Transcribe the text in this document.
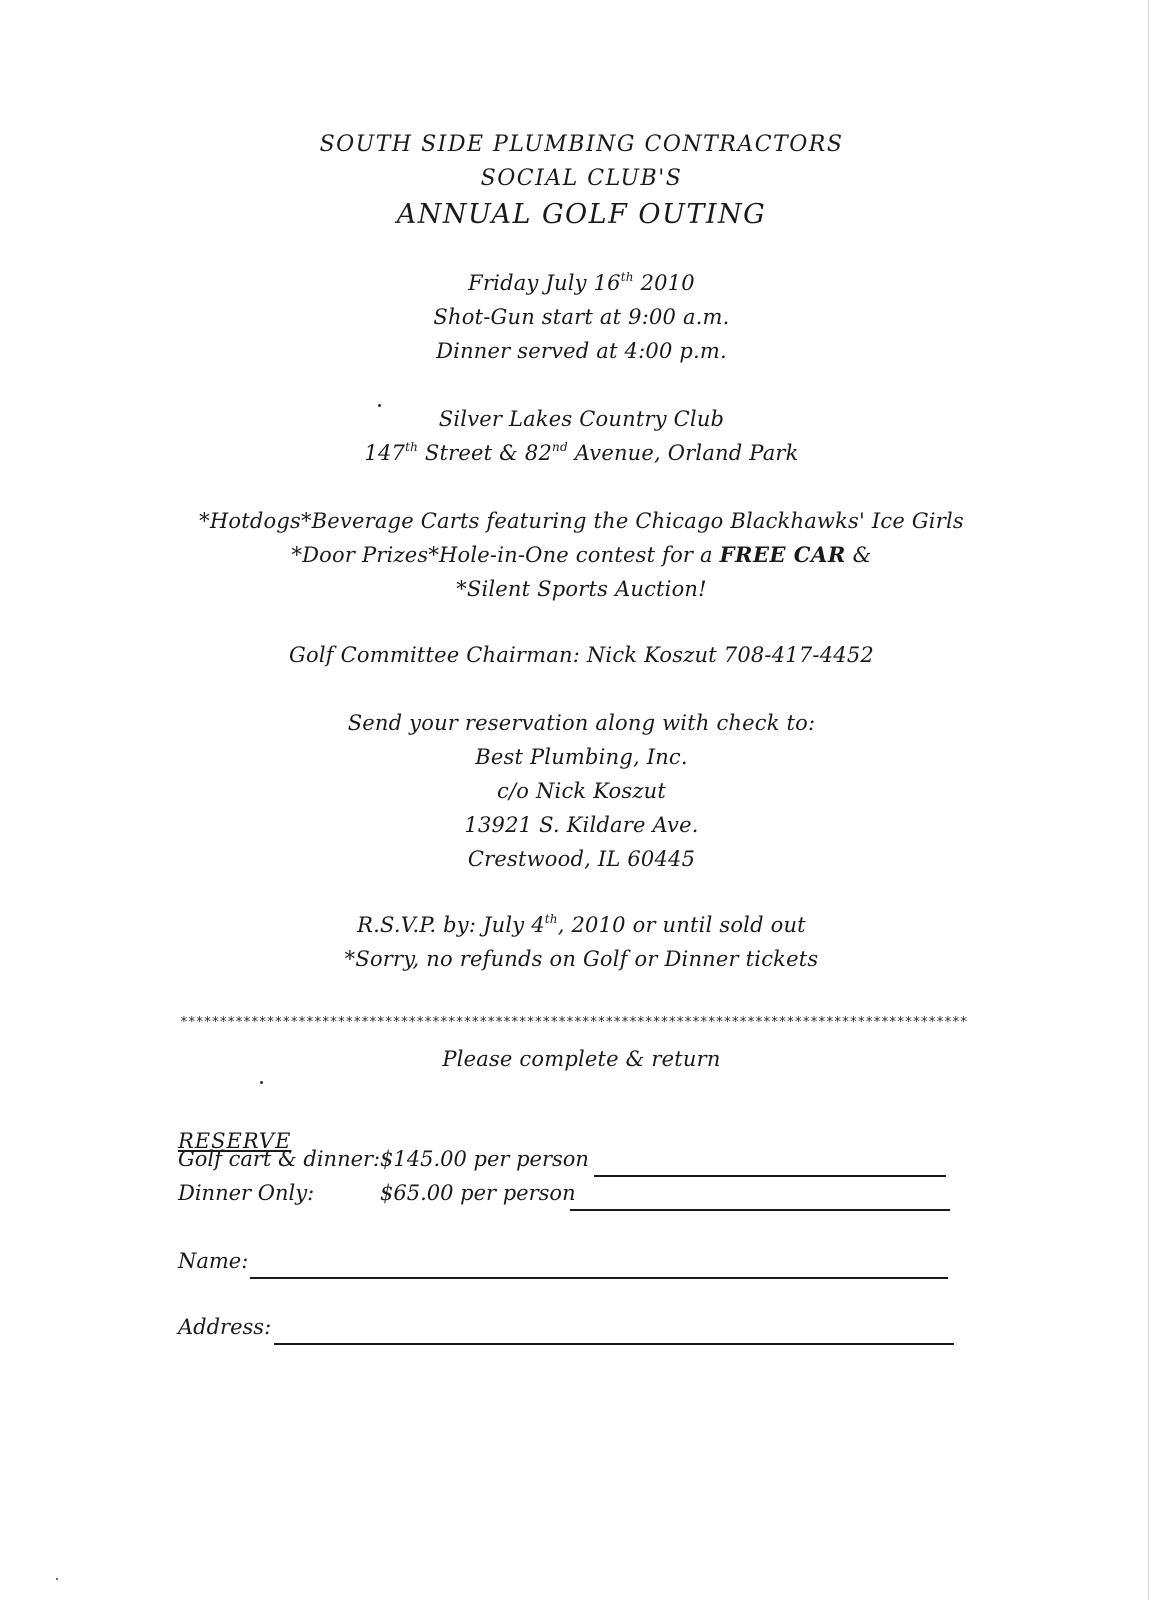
SOUTH SIDE PLUMBING CONTRACTORS
SOCIAL CLUB'S
ANNUAL GOLF OUTING
Friday July 16th 2010
Shot-Gun start at 9:00 a.m.
Dinner served at 4:00 p.m.
Silver Lakes Country Club
147th Street & 82nd Avenue, Orland Park
*Hotdogs*Beverage Carts featuring the Chicago Blackhawks' Ice Girls
*Door Prizes*Hole-in-One contest for a FREE CAR &
*Silent Sports Auction!
Golf Committee Chairman: Nick Koszut 708-417-4452
Send your reservation along with check to:
Best Plumbing, Inc.
c/o Nick Koszut
13921 S. Kildare Ave.
Crestwood, IL 60445
R.S.V.P. by: July 4th, 2010 or until sold out
*Sorry, no refunds on Golf or Dinner tickets
****************************************************************************************************
Please complete & return
RESERVE
Golf cart & dinner: $145.00 per person
Dinner Only:	$65.00 per person
Name:
Address:
